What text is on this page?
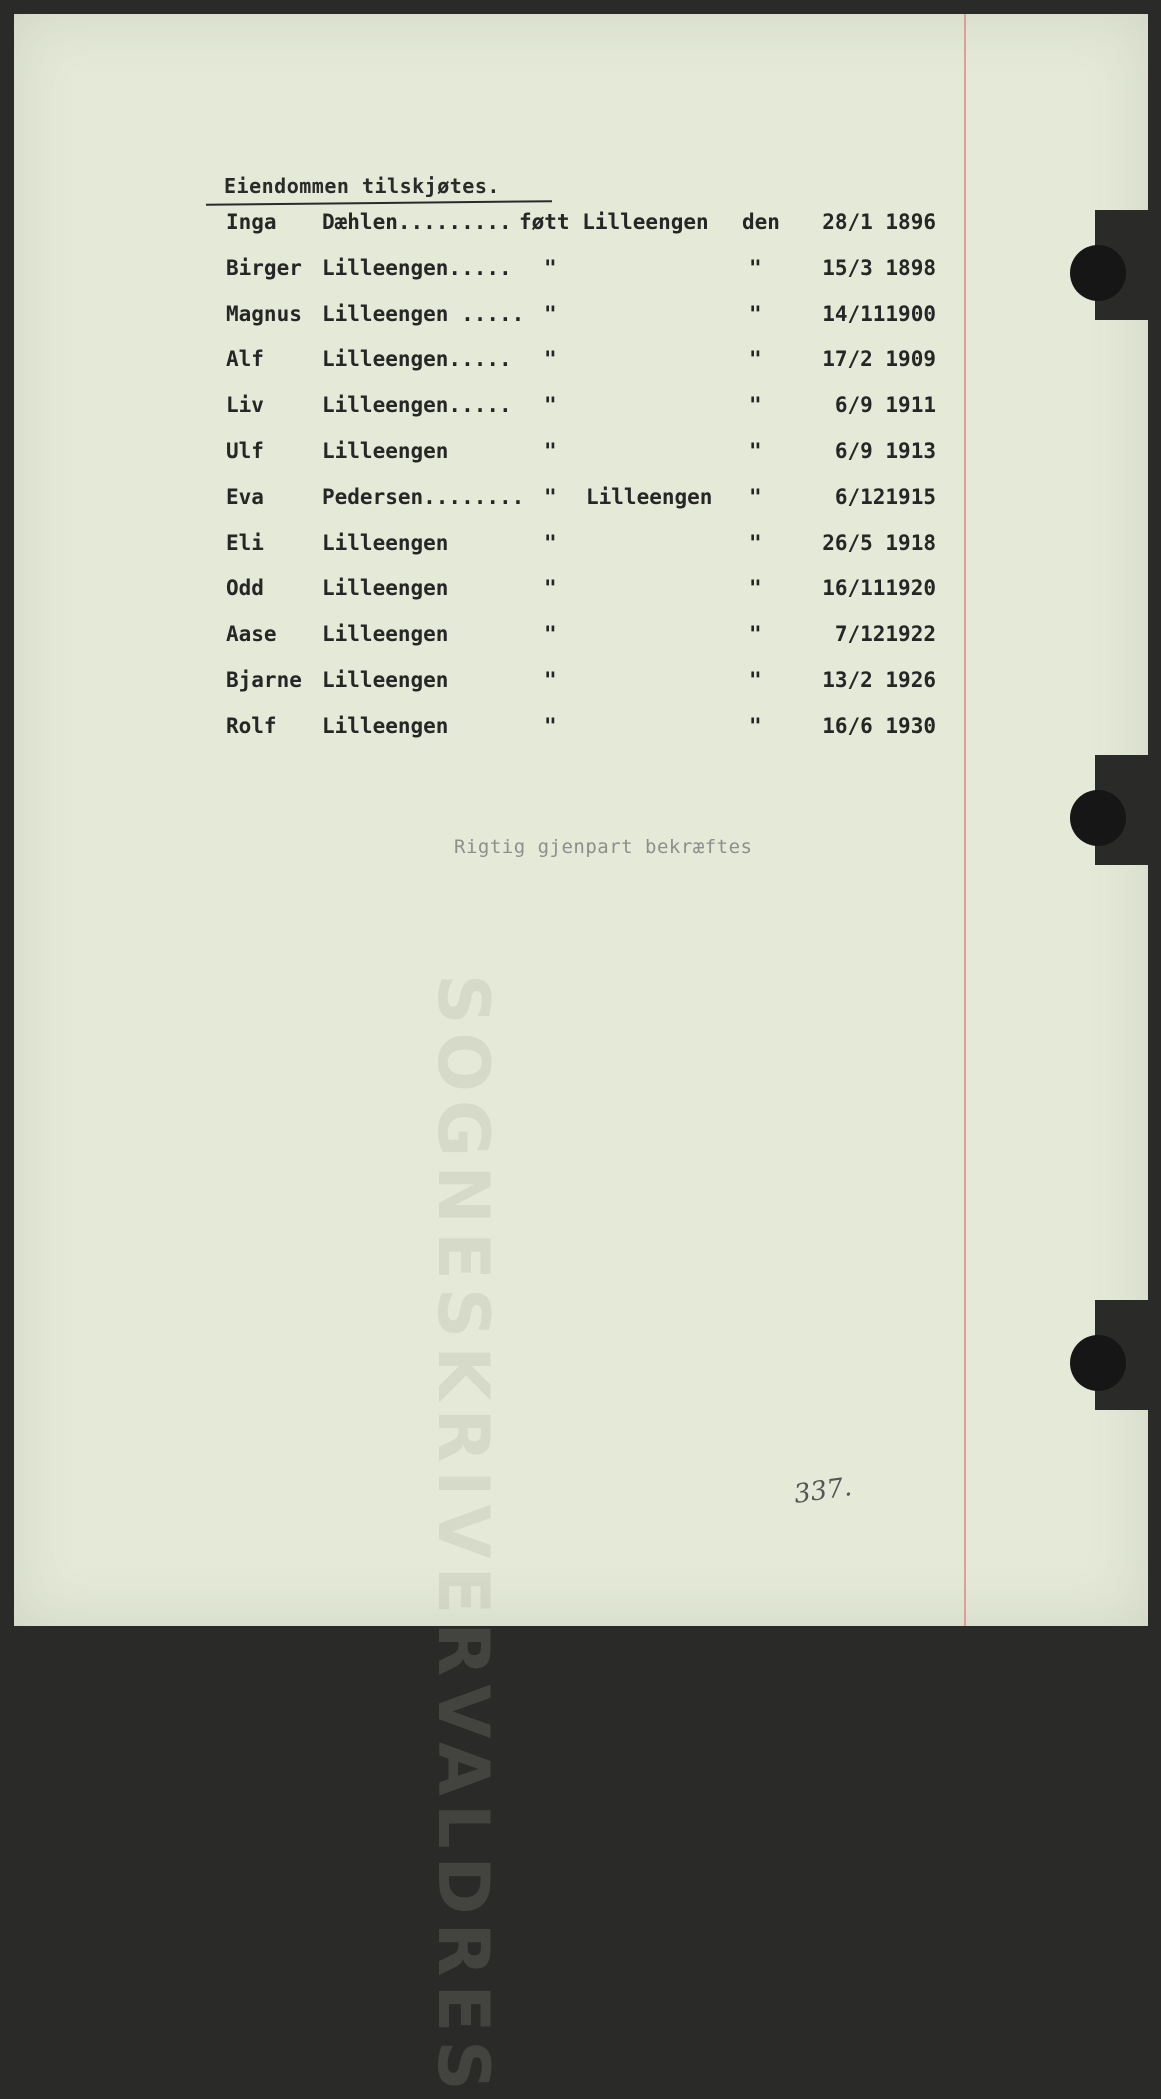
SOGNESKRIVERVALDRES
Eiendommen tilskjøtes.
Inga Dæhlen......... føtt Lilleengen den	28/1 1896
Birger Lilleengen..... "	"	15/3 1898
Magnus Lilleengen ..... "	"	14/111900
Alf	Lilleengen..... "	"	17/2 1909
Liv	Lilleengen..... "	"	6/9 1911
Ulf	Lilleengen	"	"	6/9 1913
Eva	Pedersen........ " Lilleengen "	6/121915
Eli	Lilleengen	"	"	26/5 1918
Odd	Lilleengen	"	"	16/111920
Aase Lilleengen	"	"	7/121922
Bjarne Lilleengen	"	"	13/2 1926
Rolf Lilleengen	"	"	16/6 1930
Rigtig gjenpart bekræftes
337.
